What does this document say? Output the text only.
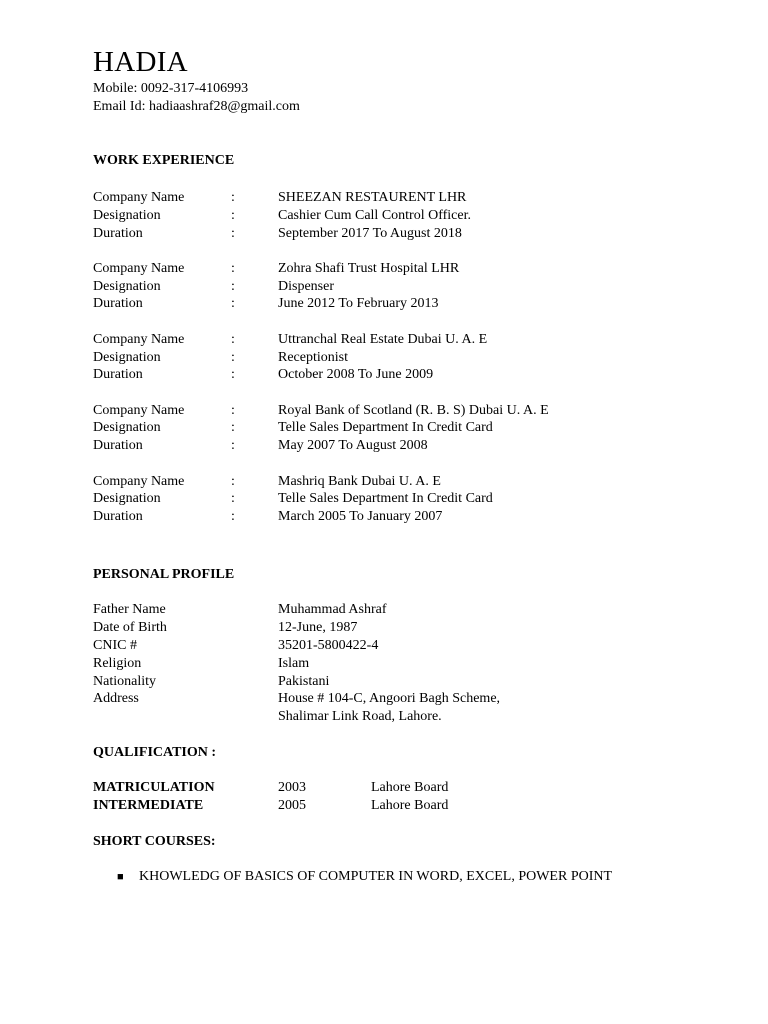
HADIA
Mobile: 0092-317-4106993
Email Id: hadiaashraf28@gmail.com
WORK EXPERIENCE
Company Name	:	SHEEZAN RESTAURENT LHR
Designation	:	Cashier Cum Call Control Officer.
Duration	:	September 2017 To August 2018
Company Name	:	Zohra Shafi Trust Hospital LHR
Designation	:	Dispenser
Duration	:	June 2012 To February 2013
Company Name	:	Uttranchal Real Estate Dubai U. A. E
Designation	:	Receptionist
Duration	:	October 2008 To June 2009
Company Name	:	Royal Bank of Scotland (R. B. S) Dubai U. A. E
Designation	:	Telle Sales Department In Credit Card
Duration	:	May 2007 To August 2008
Company Name	:	Mashriq Bank Dubai U. A. E
Designation	:	Telle Sales Department In Credit Card
Duration	:	March 2005 To January 2007
PERSONAL PROFILE
Father Name	Muhammad Ashraf
Date of Birth	12-June, 1987
CNIC #	35201-5800422-4
Religion	Islam
Nationality	Pakistani
Address	House # 104-C, Angoori Bagh Scheme,
Shalimar Link Road, Lahore.
QUALIFICATION :
MATRICULATION	2003	Lahore Board
INTERMEDIATE	2005	Lahore Board
SHORT COURSES:
■ KHOWLEDG OF BASICS OF COMPUTER IN WORD, EXCEL, POWER POINT
